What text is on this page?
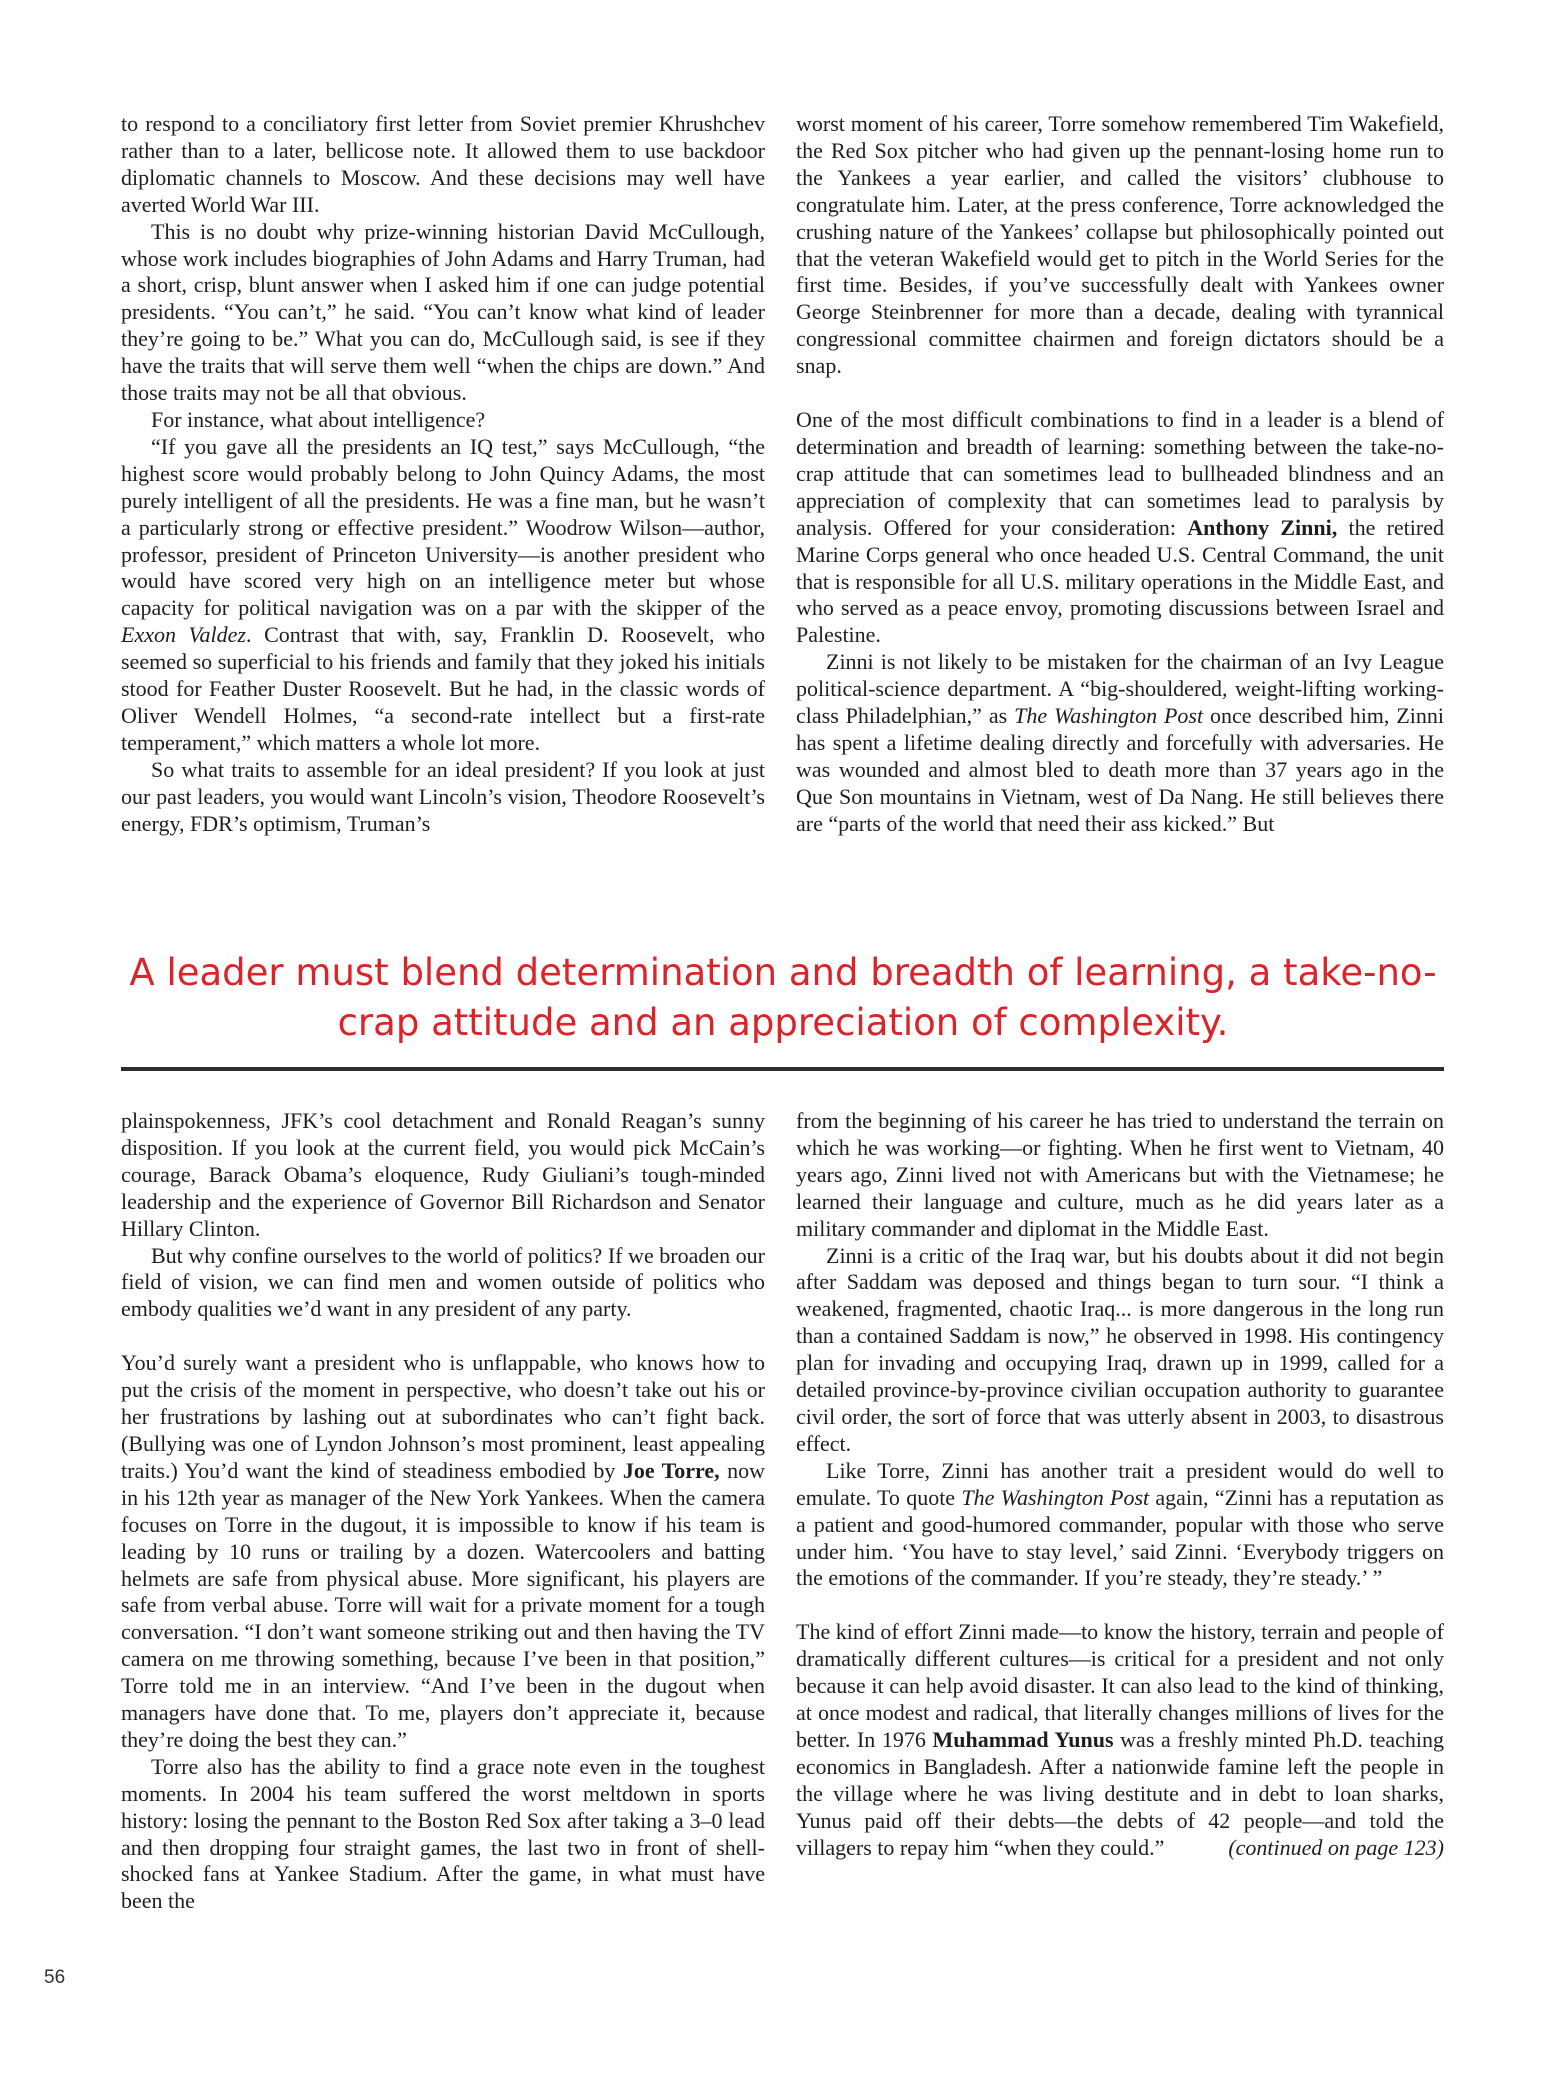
to respond to a conciliatory first letter from Soviet premier Khrushchev rather than to a later, bellicose note. It allowed them to use backdoor diplomatic channels to Moscow. And these decisions may well have averted World War III.

This is no doubt why prize-winning historian David McCullough, whose work includes biographies of John Adams and Harry Truman, had a short, crisp, blunt answer when I asked him if one can judge potential presidents. “You can’t,” he said. “You can’t know what kind of leader they’re going to be.” What you can do, McCullough said, is see if they have the traits that will serve them well “when the chips are down.” And those traits may not be all that obvious.

For instance, what about intelligence?

“If you gave all the presidents an IQ test,” says McCullough, “the highest score would probably belong to John Quincy Adams, the most purely intelligent of all the presidents. He was a fine man, but he wasn’t a particularly strong or effective president.” Woodrow Wilson—author, professor, president of Princeton University—is another president who would have scored very high on an intelligence meter but whose capacity for political navigation was on a par with the skipper of the Exxon Valdez. Contrast that with, say, Franklin D. Roosevelt, who seemed so superficial to his friends and family that they joked his initials stood for Feather Duster Roosevelt. But he had, in the classic words of Oliver Wendell Holmes, “a second-rate intellect but a first-rate temperament,” which matters a whole lot more.

So what traits to assemble for an ideal president? If you look at just our past leaders, you would want Lincoln’s vision, Theodore Roosevelt’s energy, FDR’s optimism, Truman’s

worst moment of his career, Torre somehow remembered Tim Wakefield, the Red Sox pitcher who had given up the pennant-losing home run to the Yankees a year earlier, and called the visitors’ clubhouse to congratulate him. Later, at the press conference, Torre acknowledged the crushing nature of the Yankees’ collapse but philosophically pointed out that the veteran Wakefield would get to pitch in the World Series for the first time. Besides, if you’ve successfully dealt with Yankees owner George Steinbrenner for more than a decade, dealing with tyrannical congressional committee chairmen and foreign dictators should be a snap.

One of the most difficult combinations to find in a leader is a blend of determination and breadth of learning: something between the take-no-crap attitude that can sometimes lead to bullheaded blindness and an appreciation of complexity that can sometimes lead to paralysis by analysis. Offered for your consideration: Anthony Zinni, the retired Marine Corps general who once headed U.S. Central Command, the unit that is responsible for all U.S. military operations in the Middle East, and who served as a peace envoy, promoting discussions between Israel and Palestine.

Zinni is not likely to be mistaken for the chairman of an Ivy League political-science department. A “big-shouldered, weight-lifting working-class Philadelphian,” as The Washington Post once described him, Zinni has spent a lifetime dealing directly and forcefully with adversaries. He was wounded and almost bled to death more than 37 years ago in the Que Son mountains in Vietnam, west of Da Nang. He still believes there are “parts of the world that need their ass kicked.” But

A leader must blend determination and breadth of learning, a take-no-crap attitude and an appreciation of complexity.

plainspokenness, JFK’s cool detachment and Ronald Reagan’s sunny disposition. If you look at the current field, you would pick McCain’s courage, Barack Obama’s eloquence, Rudy Giuliani’s tough-minded leadership and the experience of Governor Bill Richardson and Senator Hillary Clinton.

But why confine ourselves to the world of politics? If we broaden our field of vision, we can find men and women outside of politics who embody qualities we’d want in any president of any party.

You’d surely want a president who is unflappable, who knows how to put the crisis of the moment in perspective, who doesn’t take out his or her frustrations by lashing out at subordinates who can’t fight back. (Bullying was one of Lyndon Johnson’s most prominent, least appealing traits.) You’d want the kind of steadiness embodied by Joe Torre, now in his 12th year as manager of the New York Yankees. When the camera focuses on Torre in the dugout, it is impossible to know if his team is leading by 10 runs or trailing by a dozen. Watercoolers and batting helmets are safe from physical abuse. More significant, his players are safe from verbal abuse. Torre will wait for a private moment for a tough conversation. “I don’t want someone striking out and then having the TV camera on me throwing something, because I’ve been in that position,” Torre told me in an interview. “And I’ve been in the dugout when managers have done that. To me, players don’t appreciate it, because they’re doing the best they can.”

Torre also has the ability to find a grace note even in the toughest moments. In 2004 his team suffered the worst meltdown in sports history: losing the pennant to the Boston Red Sox after taking a 3–0 lead and then dropping four straight games, the last two in front of shell-shocked fans at Yankee Stadium. After the game, in what must have been the

from the beginning of his career he has tried to understand the terrain on which he was working—or fighting. When he first went to Vietnam, 40 years ago, Zinni lived not with Americans but with the Vietnamese; he learned their language and culture, much as he did years later as a military commander and diplomat in the Middle East.

Zinni is a critic of the Iraq war, but his doubts about it did not begin after Saddam was deposed and things began to turn sour. “I think a weakened, fragmented, chaotic Iraq... is more dangerous in the long run than a contained Saddam is now,” he observed in 1998. His contingency plan for invading and occupying Iraq, drawn up in 1999, called for a detailed province-by-province civilian occupation authority to guarantee civil order, the sort of force that was utterly absent in 2003, to disastrous effect.

Like Torre, Zinni has another trait a president would do well to emulate. To quote The Washington Post again, “Zinni has a reputation as a patient and good-humored commander, popular with those who serve under him. ‘You have to stay level,’ said Zinni. ‘Everybody triggers on the emotions of the commander. If you’re steady, they’re steady.’ ”

The kind of effort Zinni made—to know the history, terrain and people of dramatically different cultures—is critical for a president and not only because it can help avoid disaster. It can also lead to the kind of thinking, at once modest and radical, that literally changes millions of lives for the better. In 1976 Muhammad Yunus was a freshly minted Ph.D. teaching economics in Bangladesh. After a nationwide famine left the people in the village where he was living destitute and in debt to loan sharks, Yunus paid off their debts—the debts of 42 people—and told the villagers to repay him “when they could.”	(continued on page 123)

56
